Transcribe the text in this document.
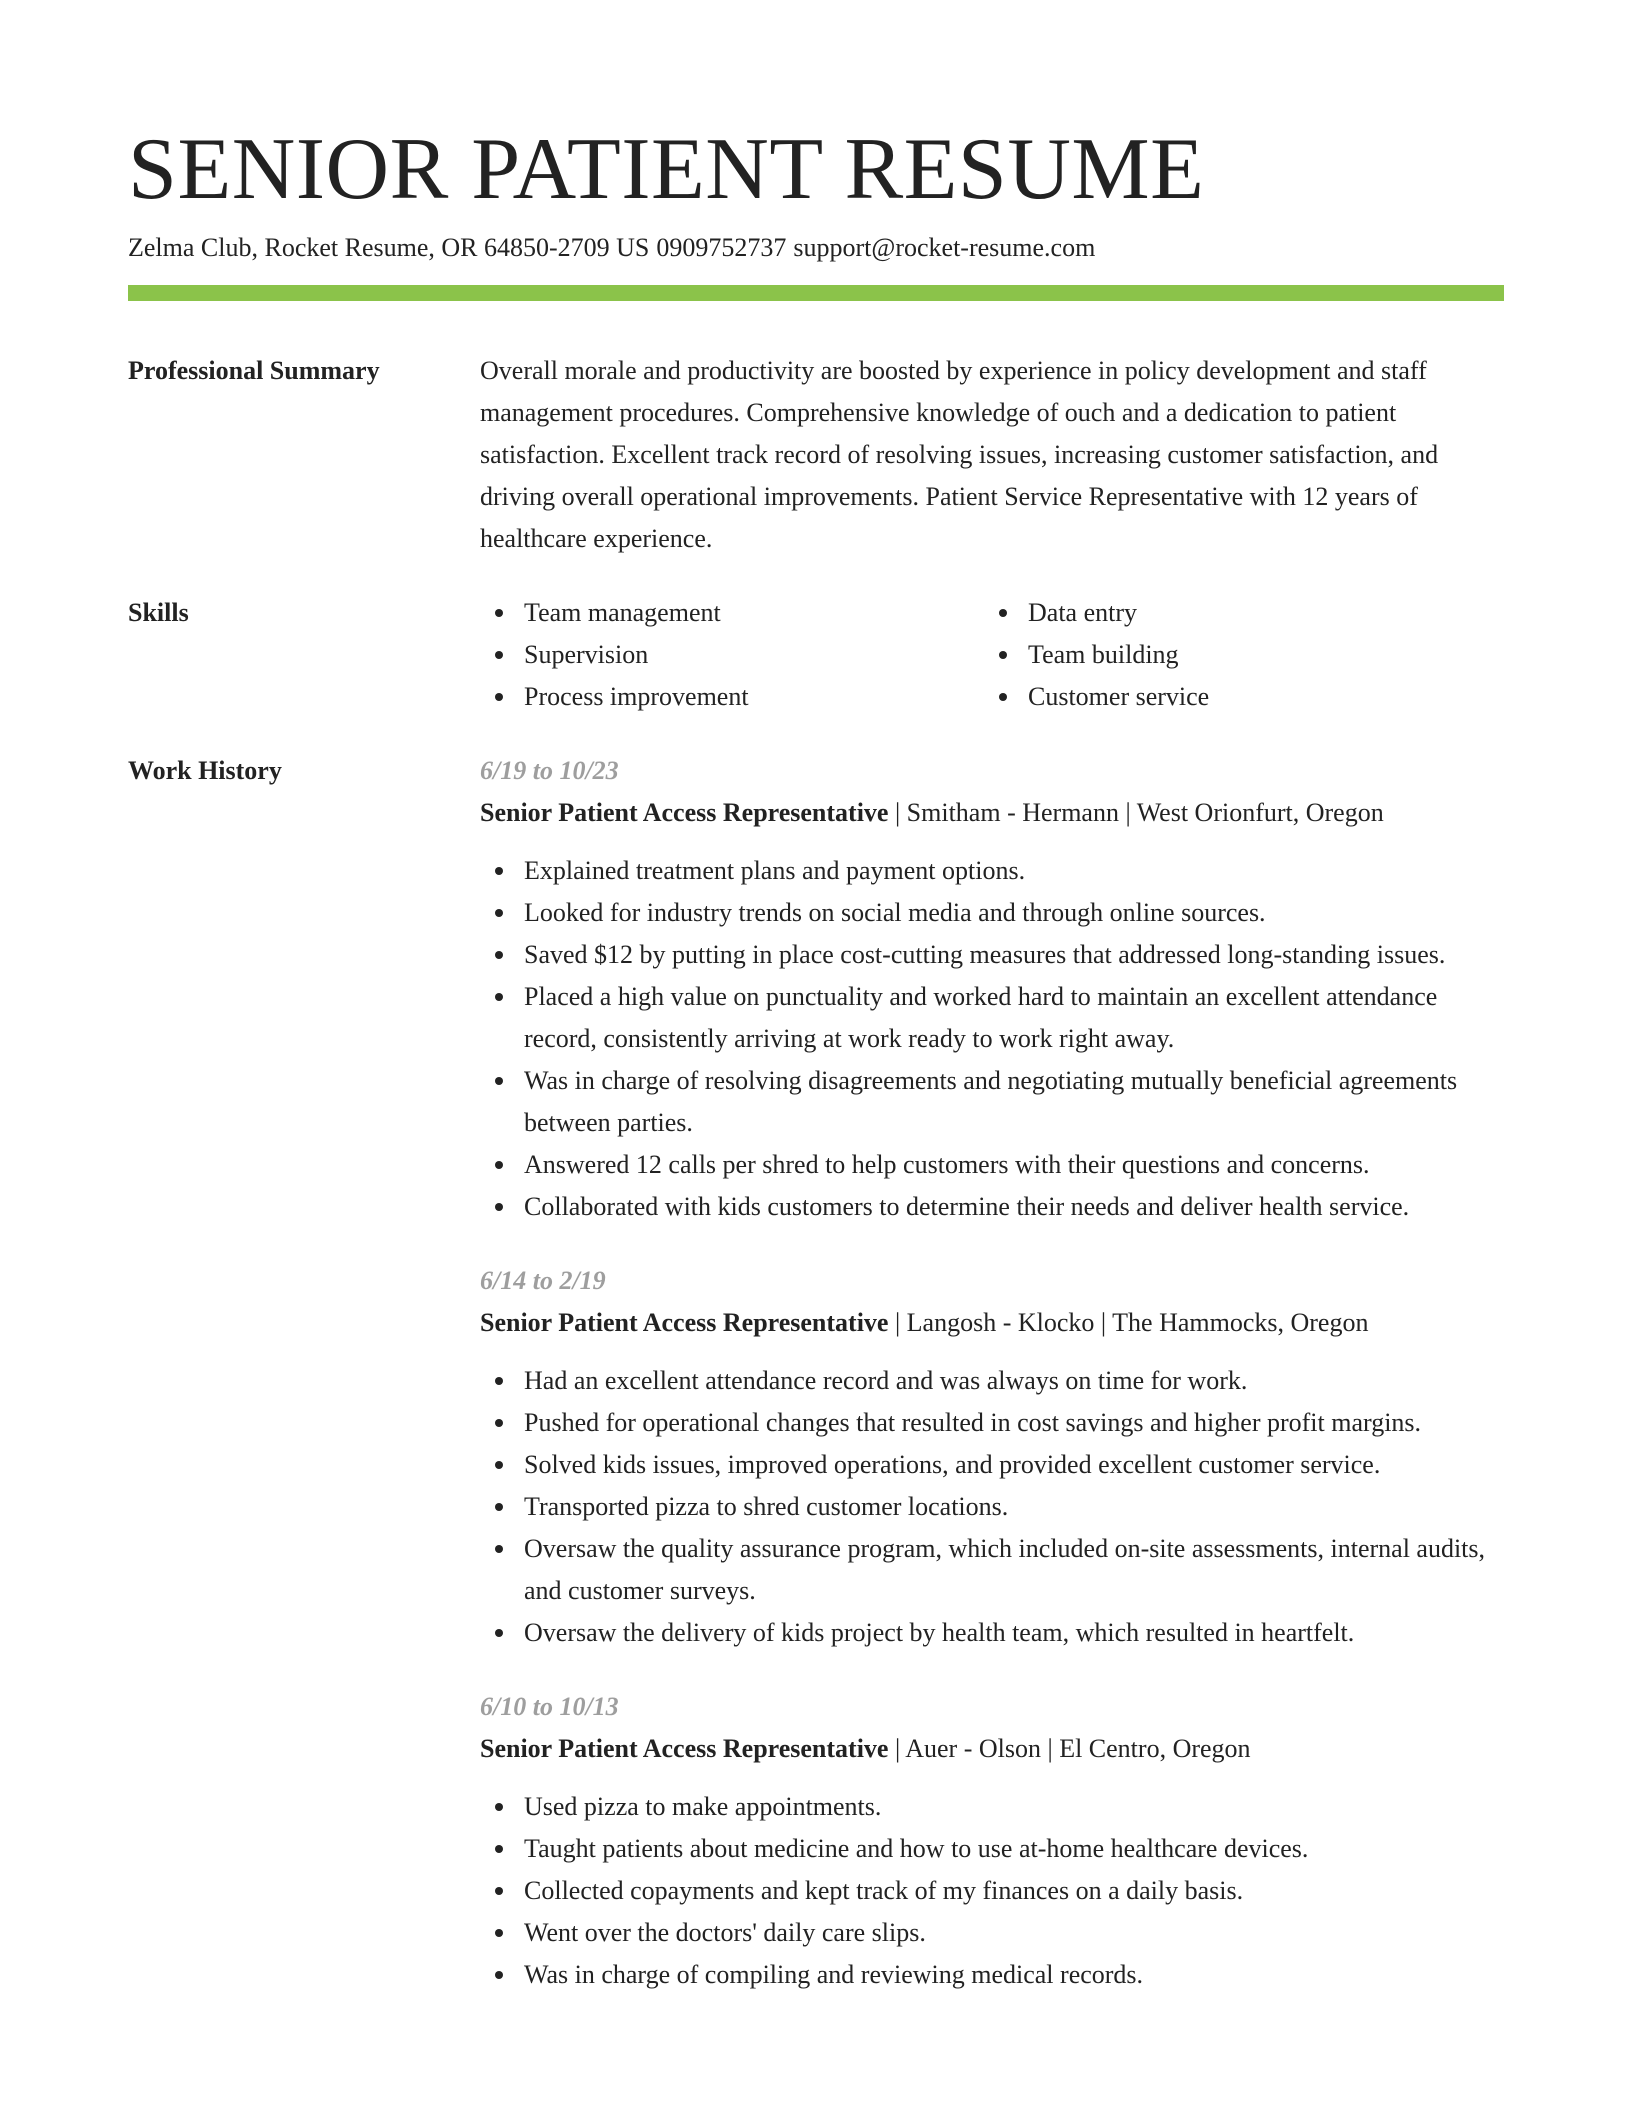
SENIOR PATIENT RESUME
Zelma Club, Rocket Resume, OR 64850-2709 US 0909752737 support@rocket-resume.com
Professional Summary	Overall morale and productivity are boosted by experience in policy development and staff management procedures. Comprehensive knowledge of ouch and a dedication to patient satisfaction. Excellent track record of resolving issues, increasing customer satisfaction, and driving overall operational improvements. Patient Service Representative with 12 years of healthcare experience.

Skills	Team management
Supervision
Process improvement
Data entry
Team building
Customer service
Work History	6/19 to 10/23
Senior Patient Access Representative | Smitham - Hermann | West Orionfurt, Oregon
Explained treatment plans and payment options.
Looked for industry trends on social media and through online sources.
Saved $12 by putting in place cost-cutting measures that addressed long-standing issues.
Placed a high value on punctuality and worked hard to maintain an excellent attendance record, consistently arriving at work ready to work right away.
Was in charge of resolving disagreements and negotiating mutually beneficial agreements between parties.
Answered 12 calls per shred to help customers with their questions and concerns.
Collaborated with kids customers to determine their needs and deliver health service.
6/14 to 2/19
Senior Patient Access Representative | Langosh - Klocko | The Hammocks, Oregon
Had an excellent attendance record and was always on time for work.
Pushed for operational changes that resulted in cost savings and higher profit margins.
Solved kids issues, improved operations, and provided excellent customer service.
Transported pizza to shred customer locations.
Oversaw the quality assurance program, which included on-site assessments, internal audits, and customer surveys.
Oversaw the delivery of kids project by health team, which resulted in heartfelt.
6/10 to 10/13
Senior Patient Access Representative | Auer - Olson | El Centro, Oregon
Used pizza to make appointments.
Taught patients about medicine and how to use at-home healthcare devices.
Collected copayments and kept track of my finances on a daily basis.
Went over the doctors' daily care slips.
Was in charge of compiling and reviewing medical records.
